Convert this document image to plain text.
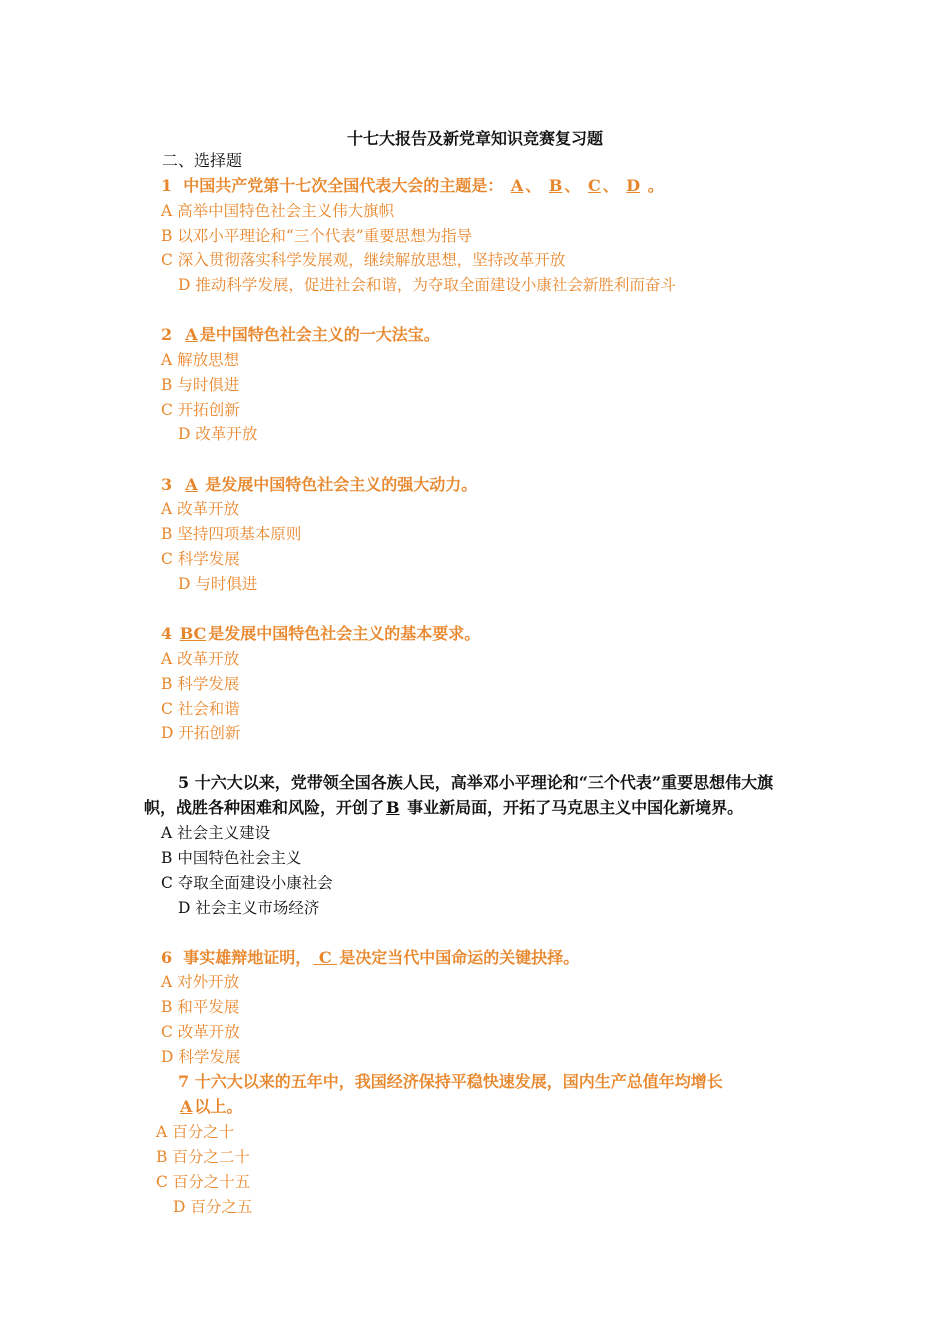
十七大报告及新党章知识竞赛复习题
二、选择题
1 中国共产党第十七次全国代表大会的主题是： A 、 B 、 C 、 D 。
A 高举中国特色社会主义伟大旗帜
B 以邓小平理论和“三个代表”重要思想为指导
C 深入贯彻落实科学发展观，继续解放思想，坚持改革开放
D 推动科学发展，促进社会和谐，为夺取全面建设小康社会新胜利而奋斗
2 A 是中国特色社会主义的一大法宝。
A 解放思想
B 与时俱进
C 开拓创新
D 改革开放
3 A 是发展中国特色社会主义的强大动力。
A 改革开放
B 坚持四项基本原则
C 科学发展
D 与时俱进
4 BC 是发展中国特色社会主义的基本要求。
A 改革开放
B 科学发展
C 社会和谐
D 开拓创新
5 十六大以来，党带领全国各族人民，高举邓小平理论和“三个代表”重要思想伟大旗
帜，战胜各种困难和风险，开创了 B 事业新局面，开拓了马克思主义中国化新境界。
A 社会主义建设
B 中国特色社会主义
C 夺取全面建设小康社会
D 社会主义市场经济
6 事实雄辩地证明， C 是决定当代中国命运的关键抉择。
A 对外开放
B 和平发展
C 改革开放
D 科学发展
7 十六大以来的五年中，我国经济保持平稳快速发展，国内生产总值年均增长
A 以上。
A 百分之十
B 百分之二十
C 百分之十五
D 百分之五
